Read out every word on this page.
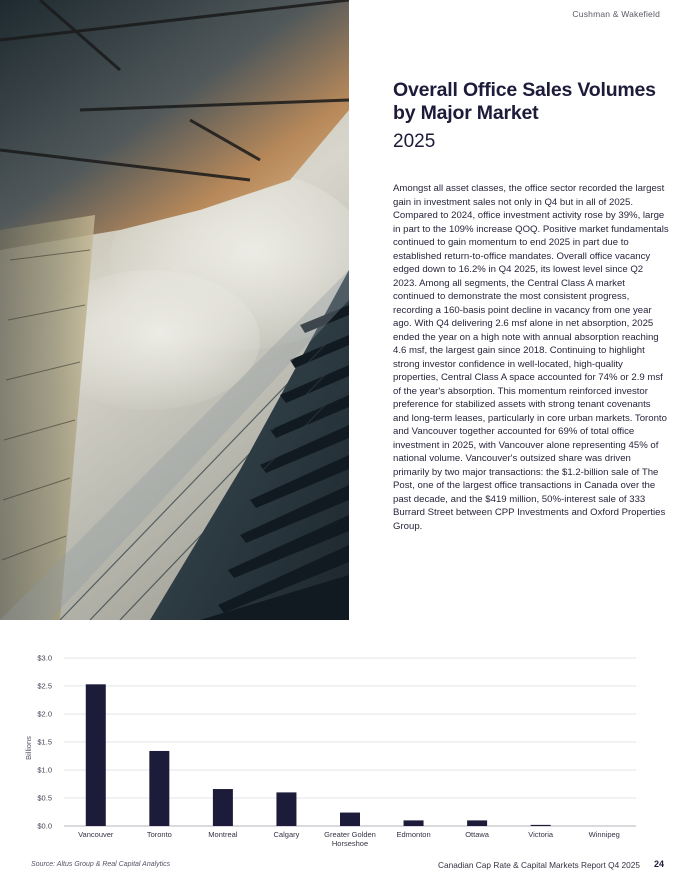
Cushman & Wakefield
Overall Office Sales Volumes by Major Market
2025

Amongst all asset classes, the office sector recorded the largest gain in investment sales not only in Q4 but in all of 2025. Compared to 2024, office investment activity rose by 39%, large in part to the 109% increase QOQ. Positive market fundamentals continued to gain momentum to end 2025 in part due to established return-to-office mandates. Overall office vacancy edged down to 16.2% in Q4 2025, its lowest level since Q2 2023. Among all segments, the Central Class A market continued to demonstrate the most consistent progress, recording a 160-basis point decline in vacancy from one year ago. With Q4 delivering 2.6 msf alone in net absorption, 2025 ended the year on a high note with annual absorption reaching 4.6 msf, the largest gain since 2018. Continuing to highlight strong investor confidence in well-located, high-quality properties, Central Class A space accounted for 74% or 2.9 msf of the year's absorption. This momentum reinforced investor preference for stabilized assets with strong tenant covenants and long-term leases, particularly in core urban markets. Toronto and Vancouver together accounted for 69% of total office investment in 2025, with Vancouver alone representing 45% of national volume. Vancouver's outsized share was driven primarily by two major transactions: the $1.2-billion sale of The Post, one of the largest office transactions in Canada over the past decade, and the $419 million, 50%-interest sale of 333 Burrard Street between CPP Investments and Oxford Properties Group.

$0.0
$0.5
$1.0
$1.5
$2.0
$2.5
$3.0
Vancouver	Toronto	Montreal	Calgary	Greater Golden
Horseshoe
Edmonton	Ottawa	Victoria	Winnipeg
Billions
Source: Altus Group & Real Capital Analytics	Canadian Cap Rate & Capital Markets Report Q4 2025 24
